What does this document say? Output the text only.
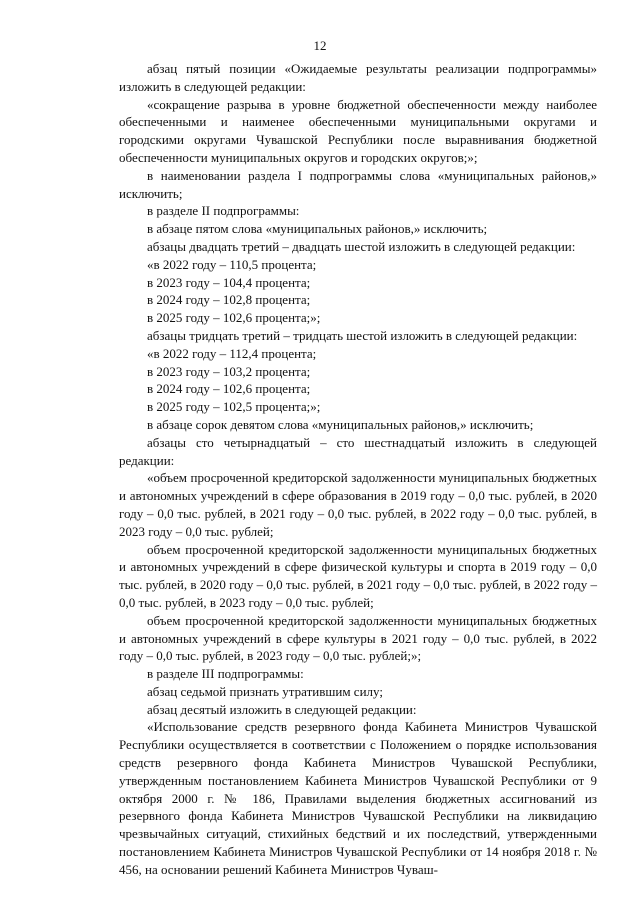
12

абзац пятый позиции «Ожидаемые результаты реализации подпрограммы» изложить в следующей редакции:

«сокращение разрыва в уровне бюджетной обеспеченности между наиболее обеспеченными и наименее обеспеченными муниципальными округами и городскими округами Чувашской Республики после выравнивания бюджетной обеспеченности муниципальных округов и городских округов;»;

в наименовании раздела I подпрограммы слова «муниципальных районов,» исключить;

в разделе II подпрограммы:

в абзаце пятом слова «муниципальных районов,» исключить;

абзацы двадцать третий – двадцать шестой изложить в следующей редакции:

«в 2022 году – 110,5 процента;

в 2023 году – 104,4 процента;

в 2024 году – 102,8 процента;

в 2025 году – 102,6 процента;»;

абзацы тридцать третий – тридцать шестой изложить в следующей редакции:

«в 2022 году – 112,4 процента;

в 2023 году – 103,2 процента;

в 2024 году – 102,6 процента;

в 2025 году – 102,5 процента;»;

в абзаце сорок девятом слова «муниципальных районов,» исключить;

абзацы сто четырнадцатый – сто шестнадцатый изложить в следующей редакции:

«объем просроченной кредиторской задолженности муниципальных бюджетных и автономных учреждений в сфере образования в 2019 году – 0,0 тыс. рублей, в 2020 году – 0,0 тыс. рублей, в 2021 году – 0,0 тыс. рублей, в 2022 году – 0,0 тыс. рублей, в 2023 году – 0,0 тыс. рублей;

объем просроченной кредиторской задолженности муниципальных бюджетных и автономных учреждений в сфере физической культуры и спорта в 2019 году – 0,0 тыс. рублей, в 2020 году – 0,0 тыс. рублей, в 2021 году – 0,0 тыс. рублей, в 2022 году – 0,0 тыс. рублей, в 2023 году – 0,0 тыс. рублей;

объем просроченной кредиторской задолженности муниципальных бюджетных и автономных учреждений в сфере культуры в 2021 году – 0,0 тыс. рублей, в 2022 году – 0,0 тыс. рублей, в 2023 году – 0,0 тыс. рублей;»;

в разделе III подпрограммы:

абзац седьмой признать утратившим силу;

абзац десятый изложить в следующей редакции:

«Использование средств резервного фонда Кабинета Министров Чувашской Республики осуществляется в соответствии с Положением о порядке использования средств резервного фонда Кабинета Министров Чувашской Республики, утвержденным постановлением Кабинета Министров Чувашской Республики от 9 октября 2000 г. № 186, Правилами выделения бюджетных ассигнований из резервного фонда Кабинета Министров Чувашской Республики на ликвидацию чрезвычайных ситуаций, стихийных бедствий и их последствий, утвержденными постановлением Кабинета Министров Чувашской Республики от 14 ноября 2018 г. № 456, на основании решений Кабинета Министров Чуваш-
